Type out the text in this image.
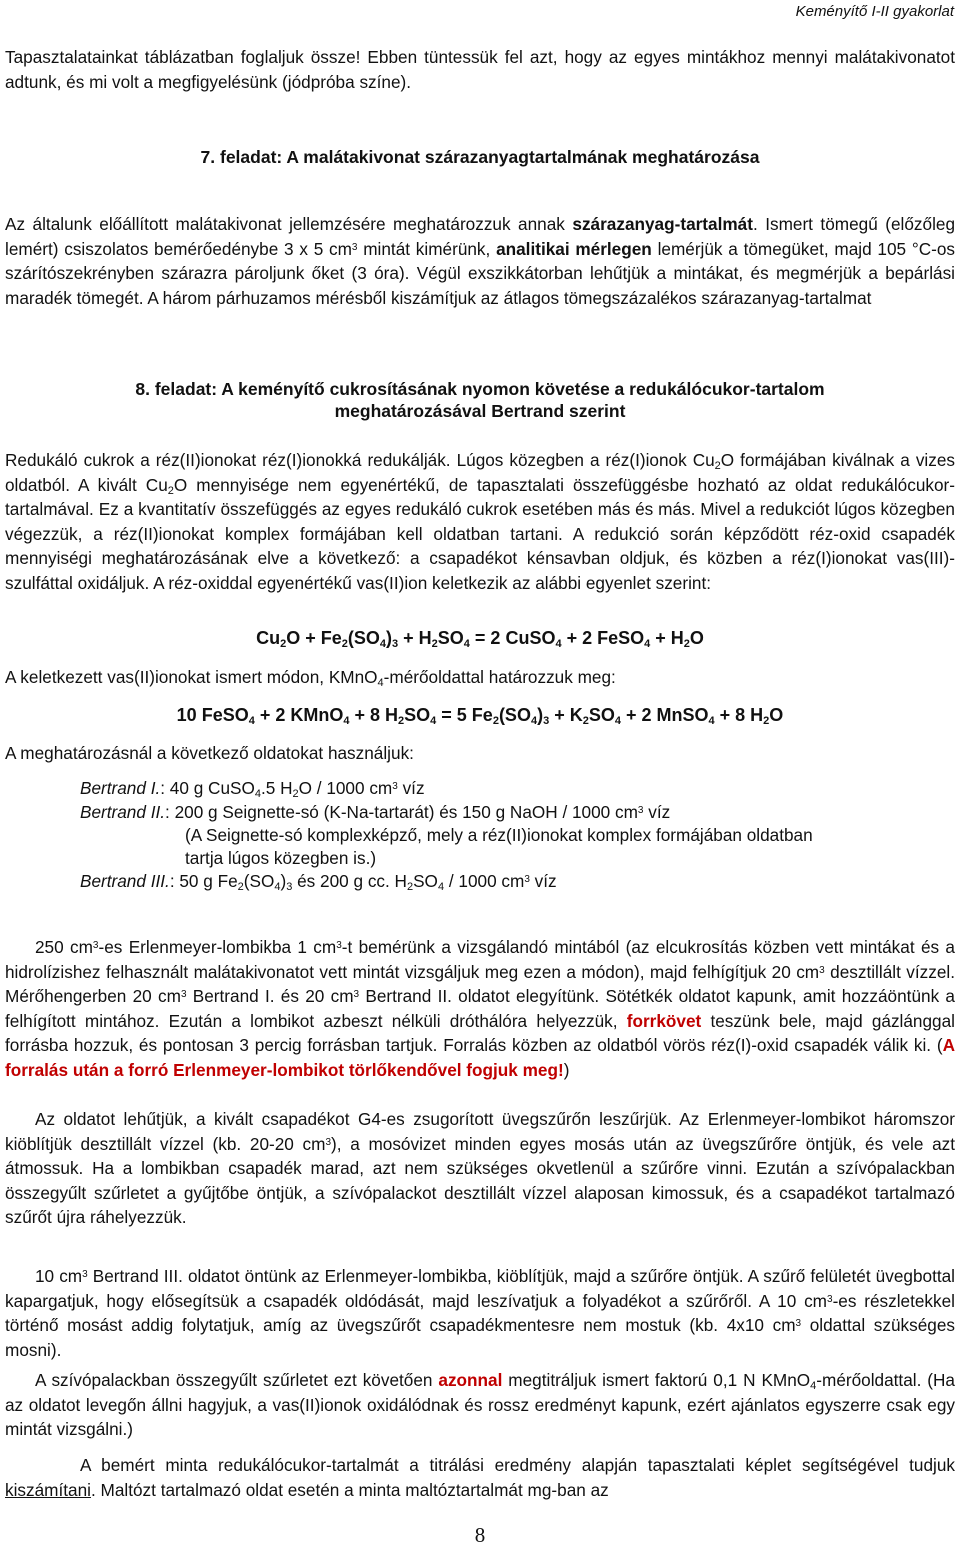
Keményítő I-II gyakorlat
Tapasztalatainkat táblázatban foglaljuk össze! Ebben tüntessük fel azt, hogy az egyes mintákhoz mennyi malátakivonatot adtunk, és mi volt a megfigyelésünk (jódpróba színe).
7. feladat: A malátakivonat szárazanyagtartalmának meghatározása
Az általunk előállított malátakivonat jellemzésére meghatározzuk annak szárazanyag-tartalmát. Ismert tömegű (előzőleg lemért) csiszolatos bemérőedénybe 3 x 5 $cm^3$ mintát kimérünk, analitikai mérlegen lemérjük a tömegüket, majd 105 °C-os szárítószekrényben szárazra pároljunk őket (3 óra). Végül exszikkátorban lehűtjük a mintákat, és megmérjük a bepárlási maradék tömegét. A három párhuzamos mérésből kiszámítjuk az átlagos tömegszázalékos szárazanyag-tartalmat
8. feladat: A keményítő cukrosításának nyomon követése a redukálócukor-tartalom
meghatározásával Bertrand szerint
Redukáló cukrok a réz(II)ionokat réz(I)ionokká redukálják. Lúgos közegben a réz(I)ionok $Cu_2O$ formájában kiválnak a vizes oldatból. A kivált $Cu_2O$ mennyisége nem egyenértékű, de tapasztalati összefüggésbe hozható az oldat redukálócukor-tartalmával. Ez a kvantitatív összefüggés az egyes redukáló cukrok esetében más és más. Mivel a redukciót lúgos közegben végezzük, a réz(II)ionokat komplex formájában kell oldatban tartani. A redukció során képződött réz-oxid csapadék mennyiségi meghatározásának elve a következő: a csapadékot kénsavban oldjuk, és közben a réz(I)ionokat vas(III)-szulfáttal oxidáljuk. A réz-oxiddal egyenértékű vas(II)ion keletkezik az alábbi egyenlet szerint:
$Cu_2O + Fe_2(SO_4)_3 + H_2SO_4 = 2$ CuSO$_4$ + 2 FeSO$_4$ + $H_2O$
A keletkezett vas(II)ionokat ismert módon, KMnO$_4$-mérőoldattal határozzuk meg:
10 FeSO$_4$ + 2 KMnO$_4$ + 8 $H_2SO_4 = 5$ $Fe_2(SO_4)_3 + K_2SO_4 + 2$ MnSO$_4$ + 8 $H_2O$
A meghatározásnál a következő oldatokat használjuk:
Bertrand I.: 40 g CuSO$_4$.5 $H_2O / 1000$ $cm^3$ víz
Bertrand II.: 200 g Seignette-só (K-Na-tartarát) és 150 g NaOH / 1000 $cm^3$ víz
(A Seignette-só komplexképző, mely a réz(II)ionokat komplex formájában oldatban
tartja lúgos közegben is.)
Bertrand III.: 50 g $Fe_2(SO_4)_3$ és 200 g cc. $H_2SO_4 / 1000$ $cm^3$ víz
250 $cm^3-es$ Erlenmeyer-lombikba 1 $cm^3-t$ bemérünk a vizsgálandó mintából (az elcukrosítás közben vett mintákat és a hidrolízishez felhasznált malátakivonatot vett mintát vizsgáljuk meg ezen a módon), majd felhígítjuk 20 $cm^3$ desztillált vízzel. Mérőhengerben 20 $cm^3$ Bertrand I. és 20 $cm^3$ Bertrand II. oldatot elegyítünk. Sötétkék oldatot kapunk, amit hozzáöntünk a felhígított mintához. Ezután a lombikot azbeszt nélküli dróthálóra helyezzük, forrkövet teszünk bele, majd gázlánggal forrásba hozzuk, és pontosan 3 percig forrásban tartjuk. Forralás közben az oldatból vörös réz(I)-oxid csapadék válik ki. (A forralás után a forró Erlenmeyer-lombikot törlőkendővel fogjuk meg!)
Az oldatot lehűtjük, a kivált csapadékot G4-es zsugorított üvegszűrőn leszűrjük. Az Erlenmeyer-lombikot háromszor kiöblítjük desztillált vízzel (kb. 20-20 $cm^3$), a mosóvizet minden egyes mosás után az üvegszűrőre öntjük, és vele azt átmossuk. Ha a lombikban csapadék marad, azt nem szükséges okvetlenül a szűrőre vinni. Ezután a szívópalackban összegyűlt szűrletet a gyűjtőbe öntjük, a szívópalackot desztillált vízzel alaposan kimossuk, és a csapadékot tartalmazó szűrőt újra ráhelyezzük.
10 $cm^3$ Bertrand III. oldatot öntünk az Erlenmeyer-lombikba, kiöblítjük, majd a szűrőre öntjük. A szűrő felületét üvegbottal kapargatjuk, hogy elősegítsük a csapadék oldódását, majd leszívatjuk a folyadékot a szűrőről. A 10 $cm^3-es$ részletekkel történő mosást addig folytatjuk, amíg az üvegszűrőt csapadékmentesre nem mostuk (kb. 4x10 $cm^3$ oldattal szükséges mosni).
A szívópalackban összegyűlt szűrletet ezt követően azonnal megtitráljuk ismert faktorú 0,1 N KMnO$_4$-mérőoldattal. (Ha az oldatot levegőn állni hagyjuk, a vas(II)ionok oxidálódnak és rossz eredményt kapunk, ezért ajánlatos egyszerre csak egy mintát vizsgálni.)
A bemért minta redukálócukor-tartalmát a titrálási eredmény alapján tapasztalati képlet segítségével tudjuk kiszámítani. Maltózt tartalmazó oldat esetén a minta maltóztartalmát mg-ban az
8
